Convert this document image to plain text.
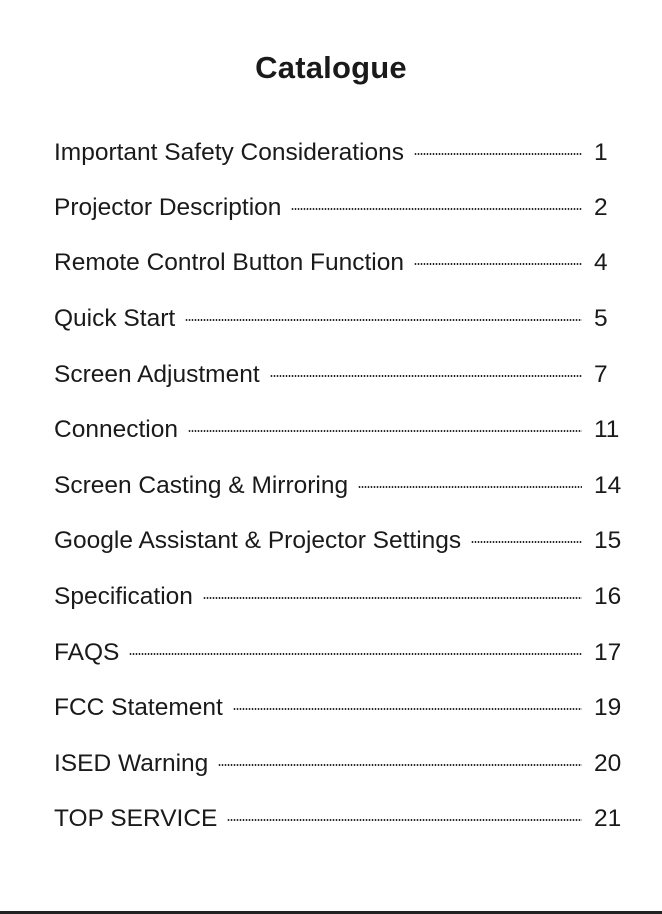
Catalogue
Important Safety Considerations	1
Projector Description	2
Remote Control Button Function	4
Quick Start	5
Screen Adjustment	7
Connection	11
Screen Casting & Mirroring	14
Google Assistant & Projector Settings	15
Specification	16
FAQS	17
FCC Statement	19
ISED Warning	20
TOP SERVICE	21
